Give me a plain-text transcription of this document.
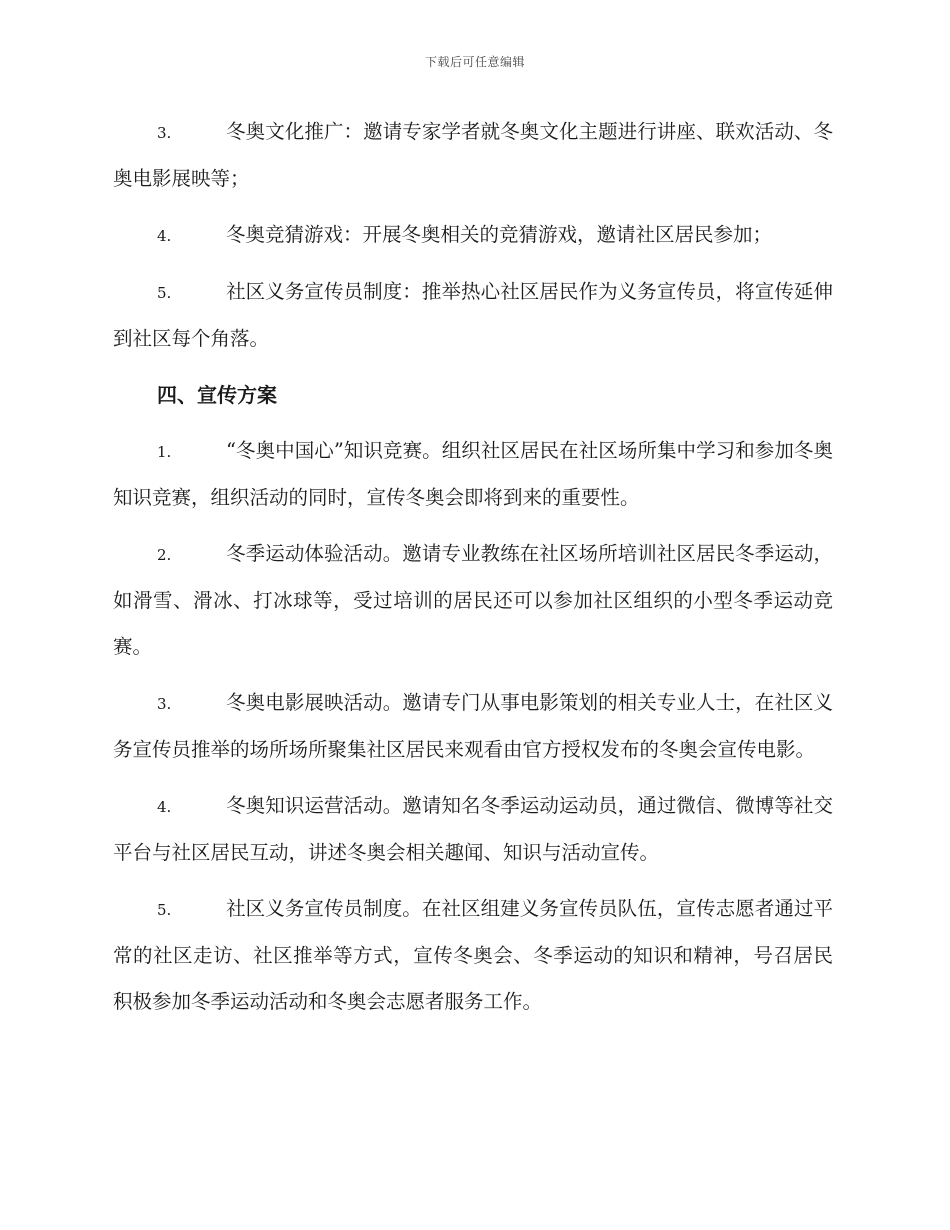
下载后可任意编辑

3.	冬奥文化推广：邀请专家学者就冬奥文化主题进行讲座、联欢活动、冬奥电影展映等；

4.	冬奥竞猜游戏：开展冬奥相关的竞猜游戏，邀请社区居民参加；

5.	社区义务宣传员制度：推举热心社区居民作为义务宣传员，将宣传延伸到社区每个角落。

四、宣传方案

1.	“冬奥中国心”知识竞赛。组织社区居民在社区场所集中学习和参加冬奥知识竞赛，组织活动的同时，宣传冬奥会即将到来的重要性。

2.	冬季运动体验活动。邀请专业教练在社区场所培训社区居民冬季运动，如滑雪、滑冰、打冰球等，受过培训的居民还可以参加社区组织的小型冬季运动竞赛。

3.	冬奥电影展映活动。邀请专门从事电影策划的相关专业人士，在社区义务宣传员推举的场所场所聚集社区居民来观看由官方授权发布的冬奥会宣传电影。

4.	冬奥知识运营活动。邀请知名冬季运动运动员，通过微信、微博等社交平台与社区居民互动，讲述冬奥会相关趣闻、知识与活动宣传。

5.	社区义务宣传员制度。在社区组建义务宣传员队伍，宣传志愿者通过平常的社区走访、社区推举等方式，宣传冬奥会、冬季运动的知识和精神，号召居民积极参加冬季运动活动和冬奥会志愿者服务工作。
